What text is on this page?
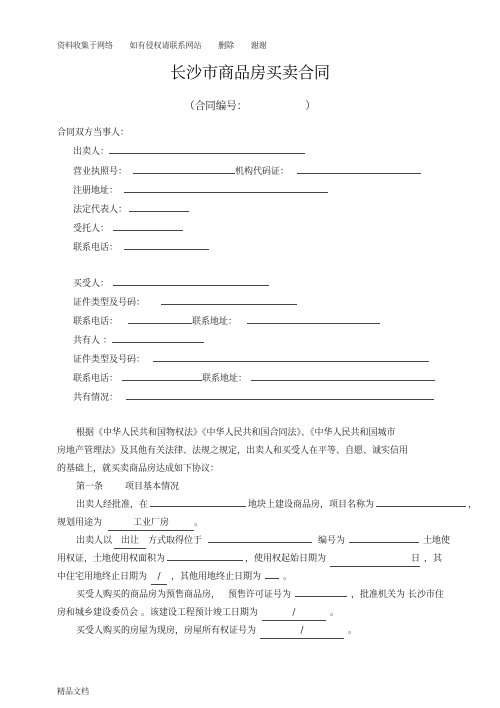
资料收集于网络 如有侵权请联系网站 删除 谢谢
长沙市商品房买卖合同
（合同编号：	）
合同双方当事人：
出卖人：
营业执照号：	机构代码证：
注册地址：
法定代表人：
受托人：
联系电话：
买受人：
证件类型及号码：
联系电话：	联系地址：
共有人 ：
证件类型及号码：
联系电话：	联系地址：
共有情况：
根据《中华人民共和国物权法》《中华人民共和国合同法》、《中华人民共和国城市
房地产管理法》及其他有关法律、法规之规定，出卖人和买受人在平等、自愿、诚实信用
的基础上，就买卖商品房达成如下协议：
第一条 项目基本情况
出卖人经批准，在	地块上建设商品房，项目名称为	，
规划用途为	工业厂房	。
出卖人以 出让 方式取得位于	编号为	土地使
用权证，土地使用权面积为	，使用权起始日期为	日 ，其
中住宅用地终止日期为 / ，其他用地终止日期为 。
买受人购买的商品房为预售商品房， 预售许可证号为	，批准机关为 长沙市住
房和城乡建设委员会 。该建设工程预计竣工日期为	/	。
买受人购买的房屋为现房，房屋所有权证号为	/	。
精品文档
